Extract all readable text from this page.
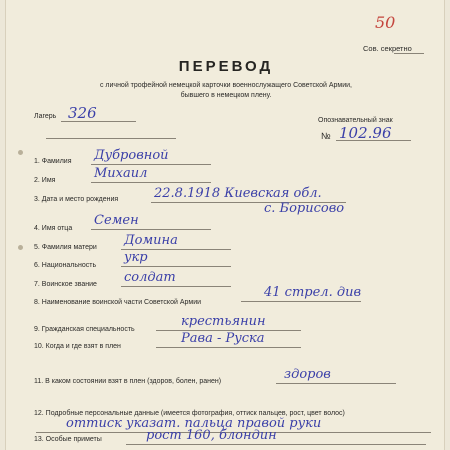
50
Сов. секретно
ПЕРЕВОД
с личной трофейной немецкой карточки военнослужащего Советской Армии,
бывшего в немецком плену.
Лагерь 326	Опознавательный знак
№ 102.96
1. Фамилия Дубровной
2. Имя	Михаил
3. Дата и место рождения	22.8.1918 Киевская обл.
с. Борисово
4. Имя отца
Семен
5. Фамилия матери Домина
6. Национальность
укр
7. Воинское звание солдат
8. Наименование воинской части Советской Армии
41 стрел. див
9. Гражданская специальность
крестьянин
10. Когда и где взят в плен
Рава - Руска
11. В каком состоянии взят в плен (здоров, болен, ранен)	здоров
12. Подробные персональные данные (имеется фотография, оттиск пальцев, рост, цвет волос)
оттиск указат. пальца правой руки
13. Особые приметы	рост 160, блондин
